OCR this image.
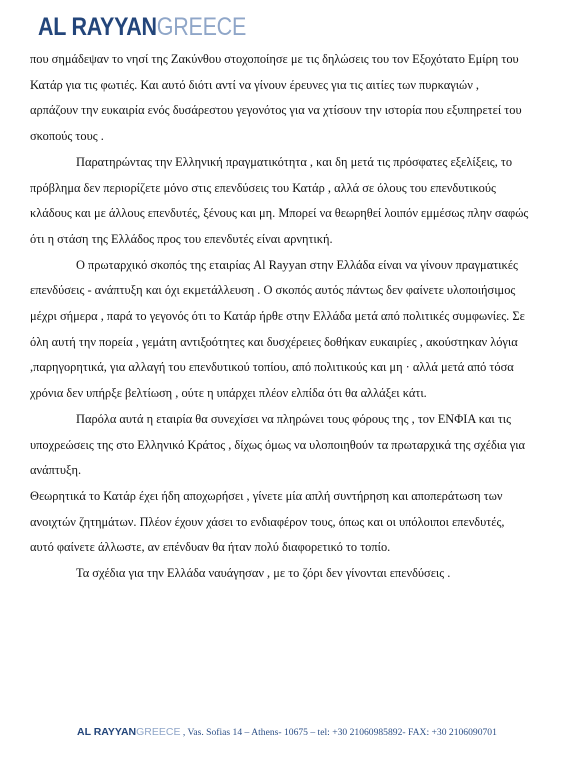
AL RAYYANGREECE

που σημάδεψαν το νησί της Ζακύνθου στοχοποίησε με τις δηλώσεις του τον Εξοχότατο Εμίρη του Κατάρ για τις φωτιές. Και αυτό διότι αντί να γίνουν έρευνες για τις αιτίες των πυρκαγιών , αρπάζουν την ευκαιρία ενός δυσάρεστου γεγονότος για να χτίσουν την ιστορία που εξυπηρετεί του σκοπούς τους .

Παρατηρώντας την Ελληνική πραγματικότητα , και δη μετά τις πρόσφατες εξελίξεις, το πρόβλημα δεν περιορίζετε μόνο στις επενδύσεις του Κατάρ , αλλά σε όλους του επενδυτικούς κλάδους και με άλλους επενδυτές, ξένους και μη. Μπορεί να θεωρηθεί λοιπόν εμμέσως πλην σαφώς ότι η στάση της Ελλάδος προς του επενδυτές είναι αρνητική.

Ο πρωταρχικό σκοπός της εταιρίας Al Rayyan στην Ελλάδα είναι να γίνουν πραγματικές επενδύσεις - ανάπτυξη και όχι εκμετάλλευση . Ο σκοπός αυτός πάντως δεν φαίνετε υλοποιήσιμος μέχρι σήμερα , παρά το γεγονός ότι το Κατάρ ήρθε στην Ελλάδα μετά από πολιτικές συμφωνίες. Σε όλη αυτή την πορεία , γεμάτη αντιξοότητες και δυσχέρειες δοθήκαν ευκαιρίες , ακούστηκαν λόγια ,παρηγορητικά, για αλλαγή του επενδυτικού τοπίου, από πολιτικούς και μη · αλλά μετά από τόσα χρόνια δεν υπήρξε βελτίωση , ούτε η υπάρχει πλέον ελπίδα ότι θα αλλάξει κάτι.

Παρόλα αυτά η εταιρία θα συνεχίσει να πληρώνει τους φόρους της , τον ΕΝΦΙΑ και τις υποχρεώσεις της στο Ελληνικό Κράτος , δίχως όμως να υλοποιηθούν τα πρωταρχικά της σχέδια για ανάπτυξη.

Θεωρητικά το Κατάρ έχει ήδη αποχωρήσει , γίνετε μία απλή συντήρηση και αποπεράτωση των ανοιχτών ζητημάτων. Πλέον έχουν χάσει το ενδιαφέρον τους, όπως και οι υπόλοιποι επενδυτές, αυτό φαίνετε άλλωστε, αν επένδυαν θα ήταν πολύ διαφορετικό το τοπίο.

Τα σχέδια για την Ελλάδα ναυάγησαν , με το ζόρι δεν γίνονται επενδύσεις .

AL RAYYANGREECE , Vas. Sofias 14 – Athens- 10675 – tel: +30 21060985892- FAX: +30 2106090701
